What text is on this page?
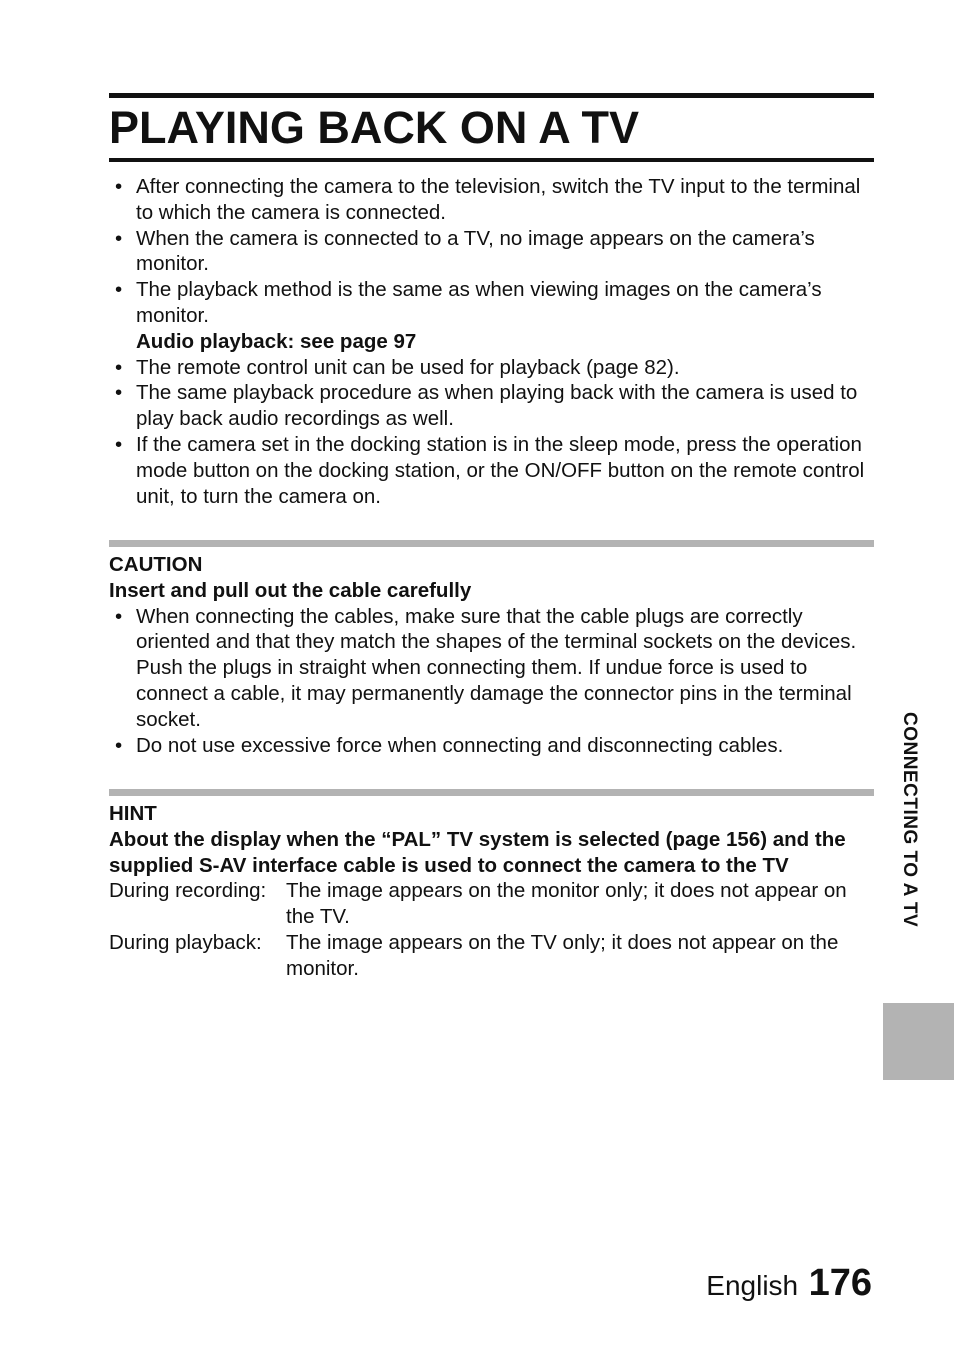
PLAYING BACK ON A TV
• After connecting the camera to the television, switch the TV input to the terminal to which the camera is connected.
• When the camera is connected to a TV, no image appears on the camera’s monitor.
• The playback method is the same as when viewing images on the camera’s monitor.
Audio playback: see page 97
• The remote control unit can be used for playback (page 82).
• The same playback procedure as when playing back with the camera is used to play back audio recordings as well.
• If the camera set in the docking station is in the sleep mode, press the operation mode button on the docking station, or the ON/OFF button on the remote control unit, to turn the camera on.
CAUTION
Insert and pull out the cable carefully
• When connecting the cables, make sure that the cable plugs are correctly oriented and that they match the shapes of the terminal sockets on the devices. Push the plugs in straight when connecting them. If undue force is used to connect a cable, it may permanently damage the connector pins in the terminal socket.
• Do not use excessive force when connecting and disconnecting cables.
HINT
About the display when the “PAL” TV system is selected (page 156) and the supplied S-AV interface cable is used to connect the camera to the TV
During recording: The image appears on the monitor only; it does not appear on the TV.
During playback:	The image appears on the TV only; it does not appear on the monitor.
CONNECTING TO A TV
English 176
